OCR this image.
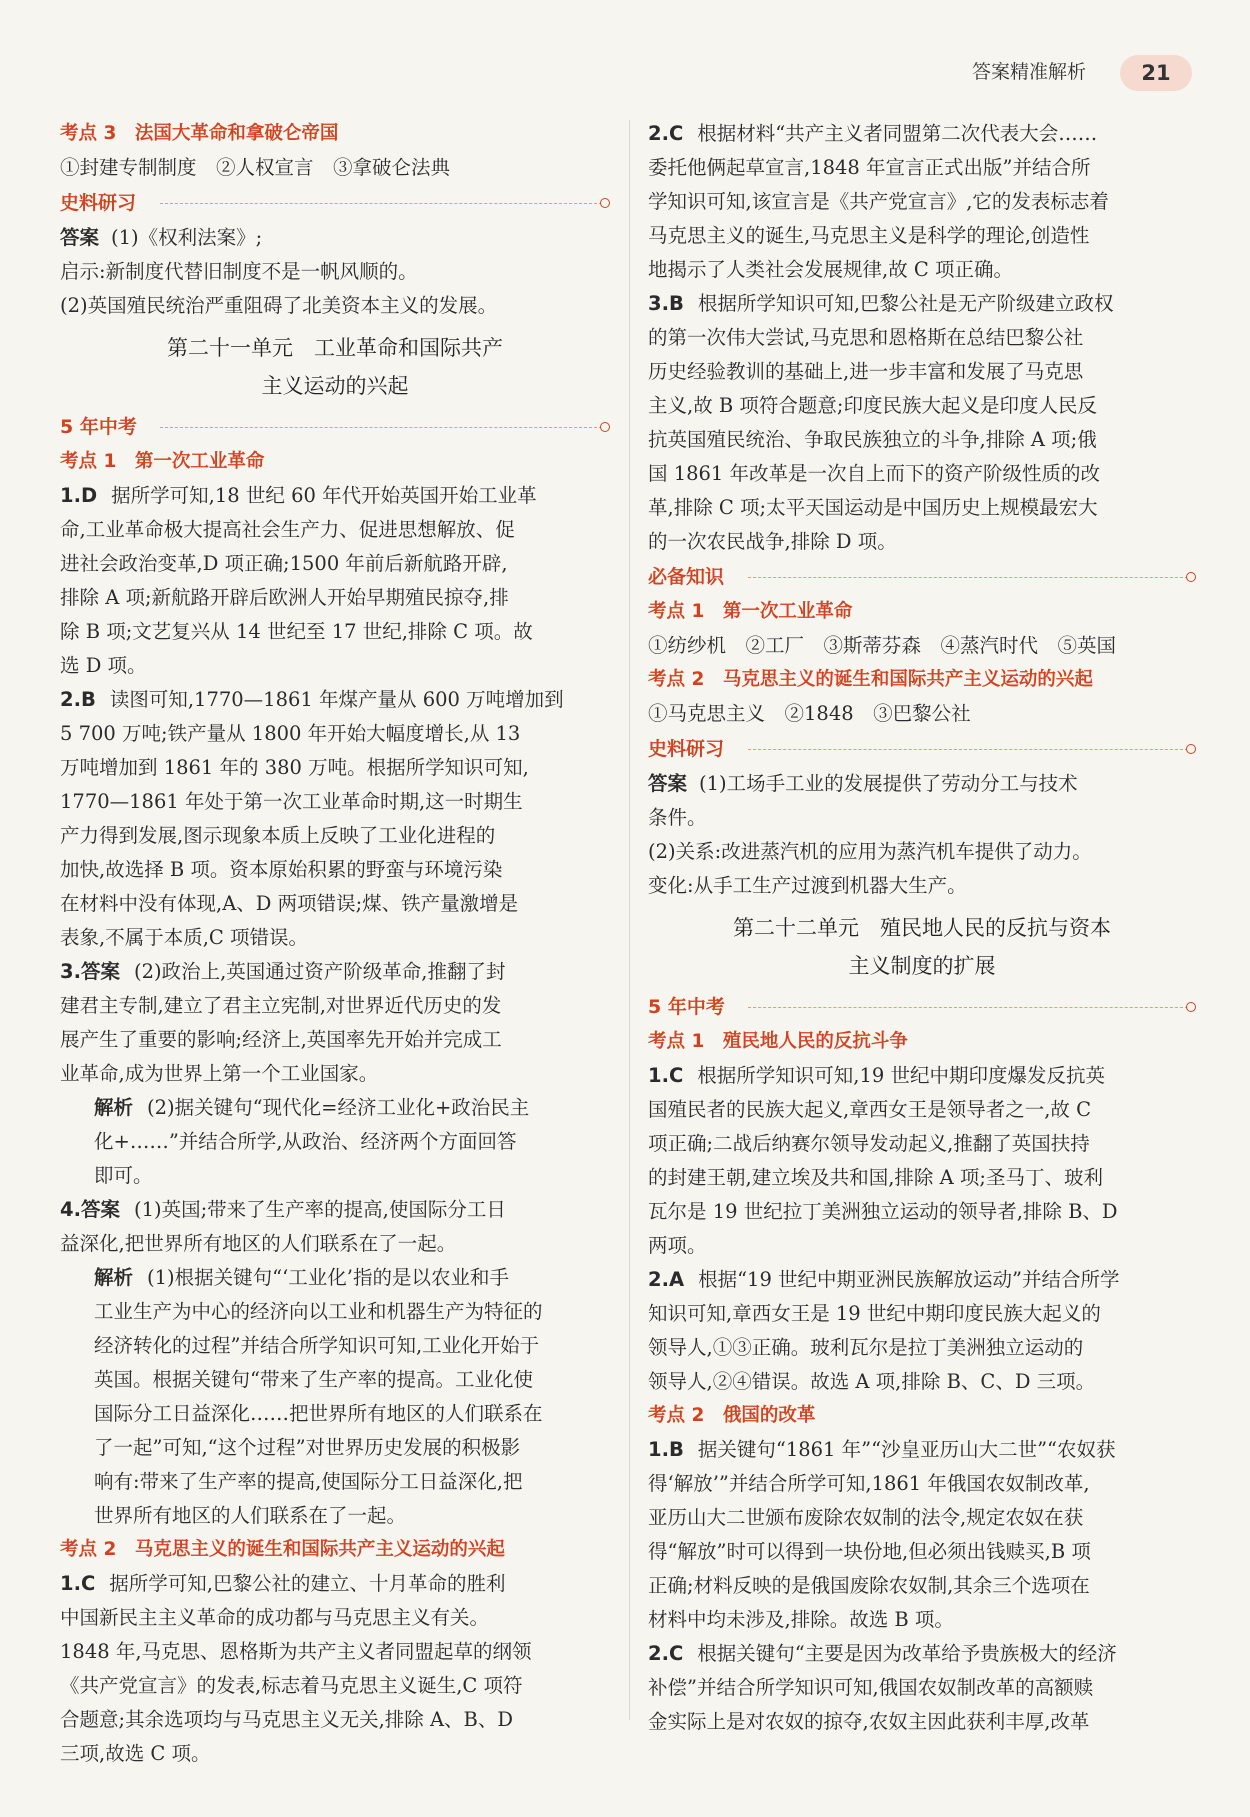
答案精准解析	21
考点 3　法国大革命和拿破仑帝国
①封建专制制度　②人权宣言　③拿破仑法典
史料研习
答案 (1)《权利法案》;
启示:新制度代替旧制度不是一帆风顺的。
(2)英国殖民统治严重阻碍了北美资本主义的发展。
第二十一单元　工业革命和国际共产
主义运动的兴起
5 年中考
考点 1　第一次工业革命
1.D 据所学可知,18 世纪 60 年代开始英国开始工业革
命,工业革命极大提高社会生产力、促进思想解放、促
进社会政治变革,D 项正确;1500 年前后新航路开辟,
排除 A 项;新航路开辟后欧洲人开始早期殖民掠夺,排
除 B 项;文艺复兴从 14 世纪至 17 世纪,排除 C 项。故
选 D 项。
2.B 读图可知,1770—1861 年煤产量从 600 万吨增加到
5 700 万吨;铁产量从 1800 年开始大幅度增长,从 13
万吨增加到 1861 年的 380 万吨。根据所学知识可知,
1770—1861 年处于第一次工业革命时期,这一时期生
产力得到发展,图示现象本质上反映了工业化进程的
加快,故选择 B 项。资本原始积累的野蛮与环境污染
在材料中没有体现,A、D 两项错误;煤、铁产量激增是
表象,不属于本质,C 项错误。
3.答案 (2)政治上,英国通过资产阶级革命,推翻了封
建君主专制,建立了君主立宪制,对世界近代历史的发
展产生了重要的影响;经济上,英国率先开始并完成工
业革命,成为世界上第一个工业国家。
解析 (2)据关键句“现代化=经济工业化+政治民主
化+……”并结合所学,从政治、经济两个方面回答
即可。
4.答案 (1)英国;带来了生产率的提高,使国际分工日
益深化,把世界所有地区的人们联系在了一起。
解析 (1)根据关键句“‘工业化’指的是以农业和手
工业生产为中心的经济向以工业和机器生产为特征的
经济转化的过程”并结合所学知识可知,工业化开始于
英国。根据关键句“带来了生产率的提高。工业化使
国际分工日益深化……把世界所有地区的人们联系在
了一起”可知,“这个过程”对世界历史发展的积极影
响有:带来了生产率的提高,使国际分工日益深化,把
世界所有地区的人们联系在了一起。
考点 2　马克思主义的诞生和国际共产主义运动的兴起
1.C 据所学可知,巴黎公社的建立、十月革命的胜利
中国新民主主义革命的成功都与马克思主义有关。
1848 年,马克思、恩格斯为共产主义者同盟起草的纲领
《共产党宣言》的发表,标志着马克思主义诞生,C 项符
合题意;其余选项均与马克思主义无关,排除 A、B、D
三项,故选 C 项。
2.C 根据材料“共产主义者同盟第二次代表大会……
委托他俩起草宣言,1848 年宣言正式出版”并结合所
学知识可知,该宣言是《共产党宣言》,它的发表标志着
马克思主义的诞生,马克思主义是科学的理论,创造性
地揭示了人类社会发展规律,故 C 项正确。
3.B 根据所学知识可知,巴黎公社是无产阶级建立政权
的第一次伟大尝试,马克思和恩格斯在总结巴黎公社
历史经验教训的基础上,进一步丰富和发展了马克思
主义,故 B 项符合题意;印度民族大起义是印度人民反
抗英国殖民统治、争取民族独立的斗争,排除 A 项;俄
国 1861 年改革是一次自上而下的资产阶级性质的改
革,排除 C 项;太平天国运动是中国历史上规模最宏大
的一次农民战争,排除 D 项。
必备知识
考点 1　第一次工业革命
①纺纱机　②工厂　③斯蒂芬森　④蒸汽时代　⑤英国
考点 2　马克思主义的诞生和国际共产主义运动的兴起
①马克思主义　②1848　③巴黎公社
史料研习
答案 (1)工场手工业的发展提供了劳动分工与技术
条件。
(2)关系:改进蒸汽机的应用为蒸汽机车提供了动力。
变化:从手工生产过渡到机器大生产。
第二十二单元　殖民地人民的反抗与资本
主义制度的扩展
5 年中考
考点 1　殖民地人民的反抗斗争
1.C 根据所学知识可知,19 世纪中期印度爆发反抗英
国殖民者的民族大起义,章西女王是领导者之一,故 C
项正确;二战后纳赛尔领导发动起义,推翻了英国扶持
的封建王朝,建立埃及共和国,排除 A 项;圣马丁、玻利
瓦尔是 19 世纪拉丁美洲独立运动的领导者,排除 B、D
两项。
2.A 根据“19 世纪中期亚洲民族解放运动”并结合所学
知识可知,章西女王是 19 世纪中期印度民族大起义的
领导人,①③正确。玻利瓦尔是拉丁美洲独立运动的
领导人,②④错误。故选 A 项,排除 B、C、D 三项。
考点 2　俄国的改革
1.B 据关键句“1861 年”“沙皇亚历山大二世”“农奴获
得‘解放’”并结合所学可知,1861 年俄国农奴制改革,
亚历山大二世颁布废除农奴制的法令,规定农奴在获
得“解放”时可以得到一块份地,但必须出钱赎买,B 项
正确;材料反映的是俄国废除农奴制,其余三个选项在
材料中均未涉及,排除。故选 B 项。
2.C 根据关键句“主要是因为改革给予贵族极大的经济
补偿”并结合所学知识可知,俄国农奴制改革的高额赎
金实际上是对农奴的掠夺,农奴主因此获利丰厚,改革
